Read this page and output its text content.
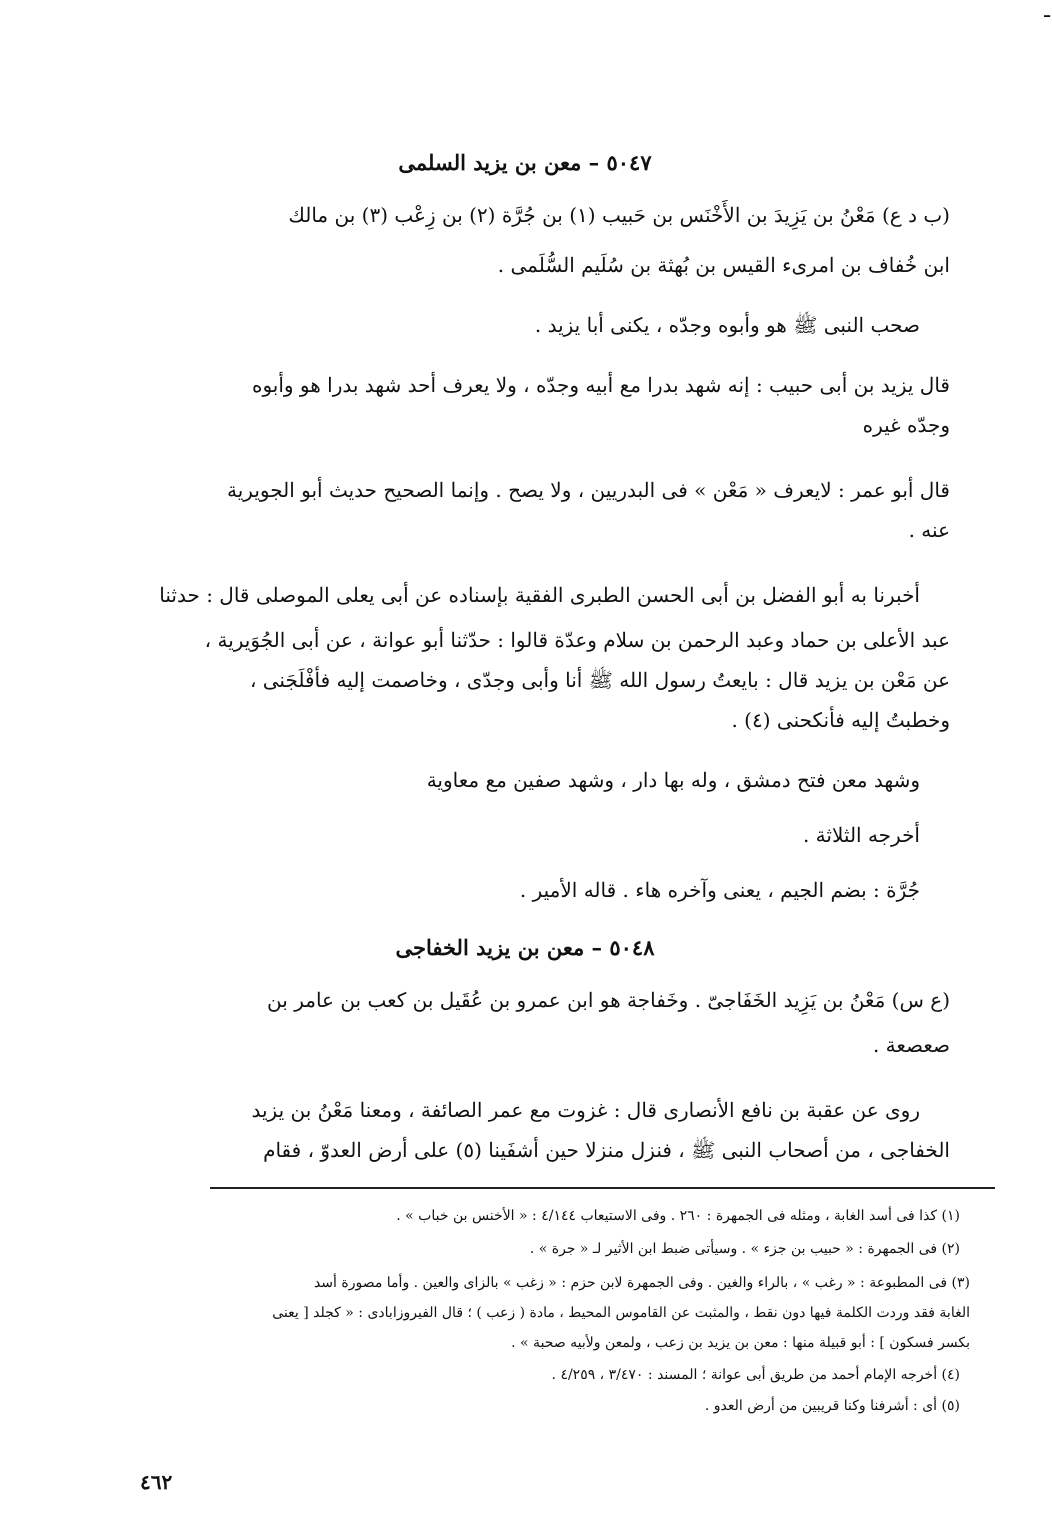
ـ
٥٠٤٧ – معن بن يزيد السلمى
(ب د ع) مَعْنُ بن يَزِيدَ بن الأَخْنَس بن حَبيب (١) بن جُرَّة (٢) بن زِعْب (٣) بن مالك
ابن خُفاف بن امرىء القيس بن بُهثة بن سُلَيم السُّلَمى .
صحب النبى ﷺ هو وأبوه وجدّه ، يكنى أبا يزيد .
قال يزيد بن أبى حبيب : إنه شهد بدرا مع أبيه وجدّه ، ولا يعرف أحد شهد بدرا هو وأبوه
وجدّه غيره
قال أبو عمر : لايعرف « مَعْن » فى البدريين ، ولا يصح . وإنما الصحيح حديث أبو الجويرية
عنه .
أخبرنا به أبو الفضل بن أبى الحسن الطبرى الفقية بإسناده عن أبى يعلى الموصلى قال : حدثنا
عبد الأعلى بن حماد وعبد الرحمن بن سلام وعدّة قالوا : حدّثنا أبو عوانة ، عن أبى الجُوَيرية ،
عن مَعْن بن يزيد قال : بايعتُ رسول الله ﷺ أنا وأبى وجدّى ، وخاصمت إليه فأفْلَجَنى ،
وخطبتُ إليه فأنكحنى (٤) .
وشهد معن فتح دمشق ، وله بها دار ، وشهد صفين مع معاوية
أخرجه الثلاثة .
جُرَّة : بضم الجيم ، يعنى وآخره هاء . قاله الأمير .
٥٠٤٨ – معن بن يزيد الخفاجى
(ع س) مَعْنُ بن يَزِيد الخَفَاجىّ . وخَفاجة هو ابن عمرو بن عُقَيل بن كعب بن عامر بن
صعصعة .
روى عن عقبة بن نافع الأنصارى قال : غزوت مع عمر الصائفة ، ومعنا مَعْنُ بن يزيد
الخفاجى ، من أصحاب النبى ﷺ ، فنزل منزلا حين أشفَينا (٥) على أرض العدوّ ، فقام
(١) كذا فى أسد الغابة ، ومثله فى الجمهرة : ٢٦٠ . وفى الاستيعاب ٤/١٤٤ : « الأخنس بن خباب » .
(٢) فى الجمهرة : « حبيب بن جزء » . وسيأتى ضبط ابن الأثير لـ « جرة » .
(٣) فى المطبوعة : « رغب » ، بالراء والغين . وفى الجمهرة لابن حزم : « زغب » بالزاى والعين . وأما مصورة أسد
الغابة فقد وردت الكلمة فيها دون نقط ، والمثبت عن القاموس المحيط ، مادة ( زعب ) ؛ قال الفيروزابادى : « كجلد [ يعنى
بكسر فسكون ] : أبو قبيلة منها : معن بن يزيد بن زعب ، ولمعن ولأبيه صحبة » .
(٤) أخرجه الإمام أحمد من طريق أبى عوانة ؛ المسند : ٣/٤٧٠ ، ٤/٢٥٩ .
(٥) أى : أشرفنا وكنا قريبين من أرض العدو .
٤٦٢
